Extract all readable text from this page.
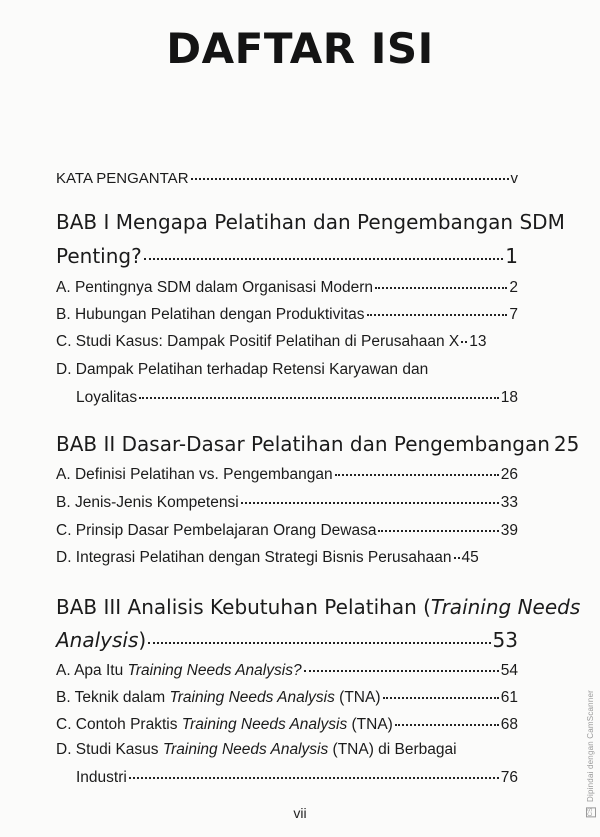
DAFTAR ISI
KATA PENGANTAR	v
BAB I Mengapa Pelatihan dan Pengembangan SDM
Penting?	1
A. Pentingnya SDM dalam Organisasi Modern	2
B. Hubungan Pelatihan dengan Produktivitas	7
C. Studi Kasus: Dampak Positif Pelatihan di Perusahaan X 13
D. Dampak Pelatihan terhadap Retensi Karyawan dan
Loyalitas	18
BAB II Dasar-Dasar Pelatihan dan Pengembangan 25
A. Definisi Pelatihan vs. Pengembangan	26
B. Jenis-Jenis Kompetensi	33
C. Prinsip Dasar Pembelajaran Orang Dewasa	39
D. Integrasi Pelatihan dengan Strategi Bisnis Perusahaan 45
BAB III Analisis Kebutuhan Pelatihan (Training Needs
Analysis)	53
A. Apa Itu Training Needs Analysis?	54
B. Teknik dalam Training Needs Analysis (TNA)	61
C. Contoh Praktis Training Needs Analysis (TNA)	68
D. Studi Kasus Training Needs Analysis (TNA) di Berbagai
Industri	76
vii	CS Dipindai dengan CamScanner
